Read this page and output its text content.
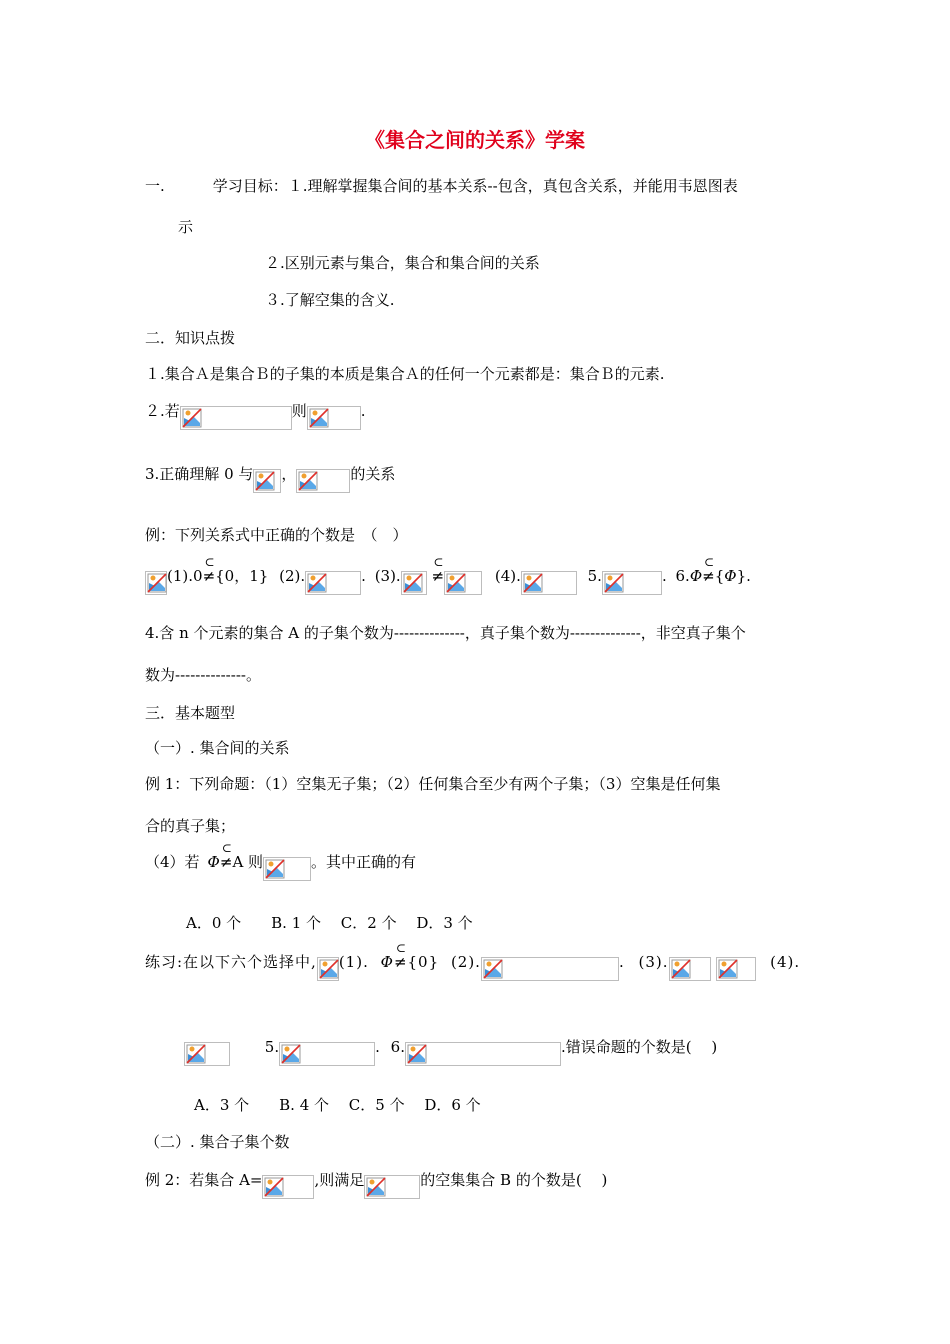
《集合之间的关系》学案
一.	学习目标：１.理解掌握集合间的基本关系--包含，真包含关系，并能用韦恩图表
示
２.区别元素与集合，集合和集合间的关系
３.了解空集的含义.
二．知识点拨
１.集合Ａ是集合Ｂ的子集的本质是集合Ａ的任何一个元素都是：集合Ｂ的元素.
２.若	则	.
3.正确理解 0 与 ，	的关系
例：下列关系式中正确的个数是　（　）
(1).0≠
⊂
{0，1} (2).	. (3). ≠
⊂
(4).	5.	. 6.Φ≠
⊂
{Φ}.
4.含 n 个元素的集合 A 的子集个数为--------------，真子集个数为--------------，非空真子集个
数为--------------。
三．基本题型
（一）. 集合间的关系
例 1：下列命题：（1）空集无子集；（2）任何集合至少有两个子集；（3）空集是任何集
合的真子集；
（4）若 Φ≠
⊂
A 则	。其中正确的有
A．0 个　　B. 1 个　 C．2 个　 D．3 个
练习:在以下六个选择中, (1). Φ≠
⊂
{0} (2).	. (3).
	(4).
5.	. 6.	.错误命题的个数是(　 )
A．3 个　　B. 4 个　 C．5 个　 D．6 个
（二）. 集合子集个数
例 2：若集合 A=	,则满足	的空集集合 B 的个数是(　 )
